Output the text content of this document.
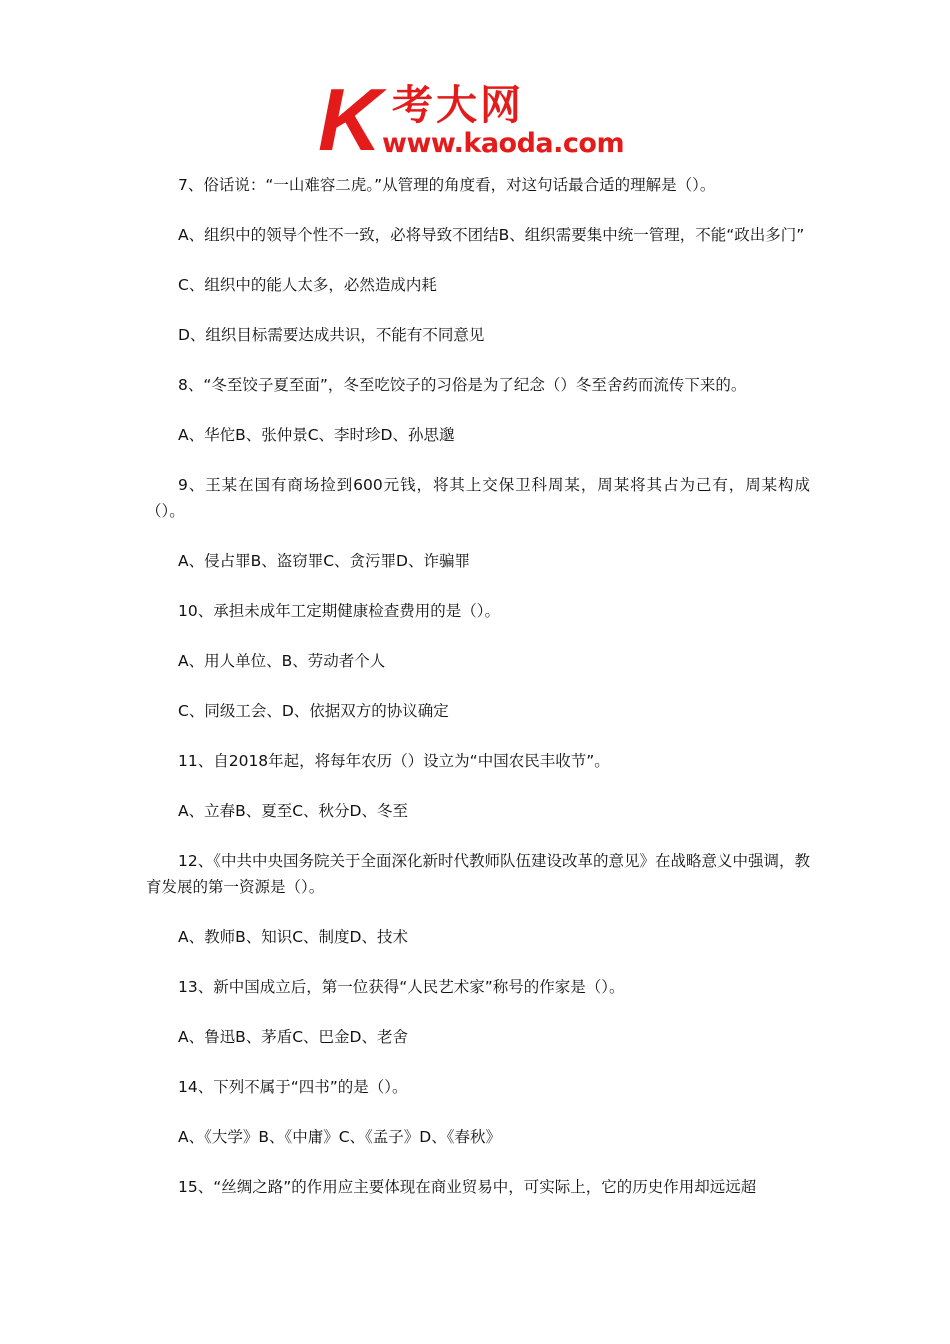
K 考大网
www.kaoda.com

7、俗话说：“一山难容二虎。”从管理的角度看，对这句话最合适的理解是（）。

A、组织中的领导个性不一致，必将导致不团结B、组织需要集中统一管理，不能“政出多门”

C、组织中的能人太多，必然造成内耗

D、组织目标需要达成共识，不能有不同意见

8、“冬至饺子夏至面”，冬至吃饺子的习俗是为了纪念（）冬至舍药而流传下来的。

A、华佗B、张仲景C、李时珍D、孙思邈

9、王某在国有商场捡到600元钱，将其上交保卫科周某，周某将其占为己有，周某构成（）。

A、侵占罪B、盗窃罪C、贪污罪D、诈骗罪

10、承担未成年工定期健康检查费用的是（）。

A、用人单位、B、劳动者个人

C、同级工会、D、依据双方的协议确定

11、自2018年起，将每年农历（）设立为“中国农民丰收节”。

A、立春B、夏至C、秋分D、冬至

12、《中共中央国务院关于全面深化新时代教师队伍建设改革的意见》在战略意义中强调，教育发展的第一资源是（）。

A、教师B、知识C、制度D、技术

13、新中国成立后，第一位获得“人民艺术家”称号的作家是（）。

A、鲁迅B、茅盾C、巴金D、老舍

14、下列不属于“四书”的是（）。

A、《大学》B、《中庸》C、《孟子》D、《春秋》

15、“丝绸之路”的作用应主要体现在商业贸易中，可实际上，它的历史作用却远远超
